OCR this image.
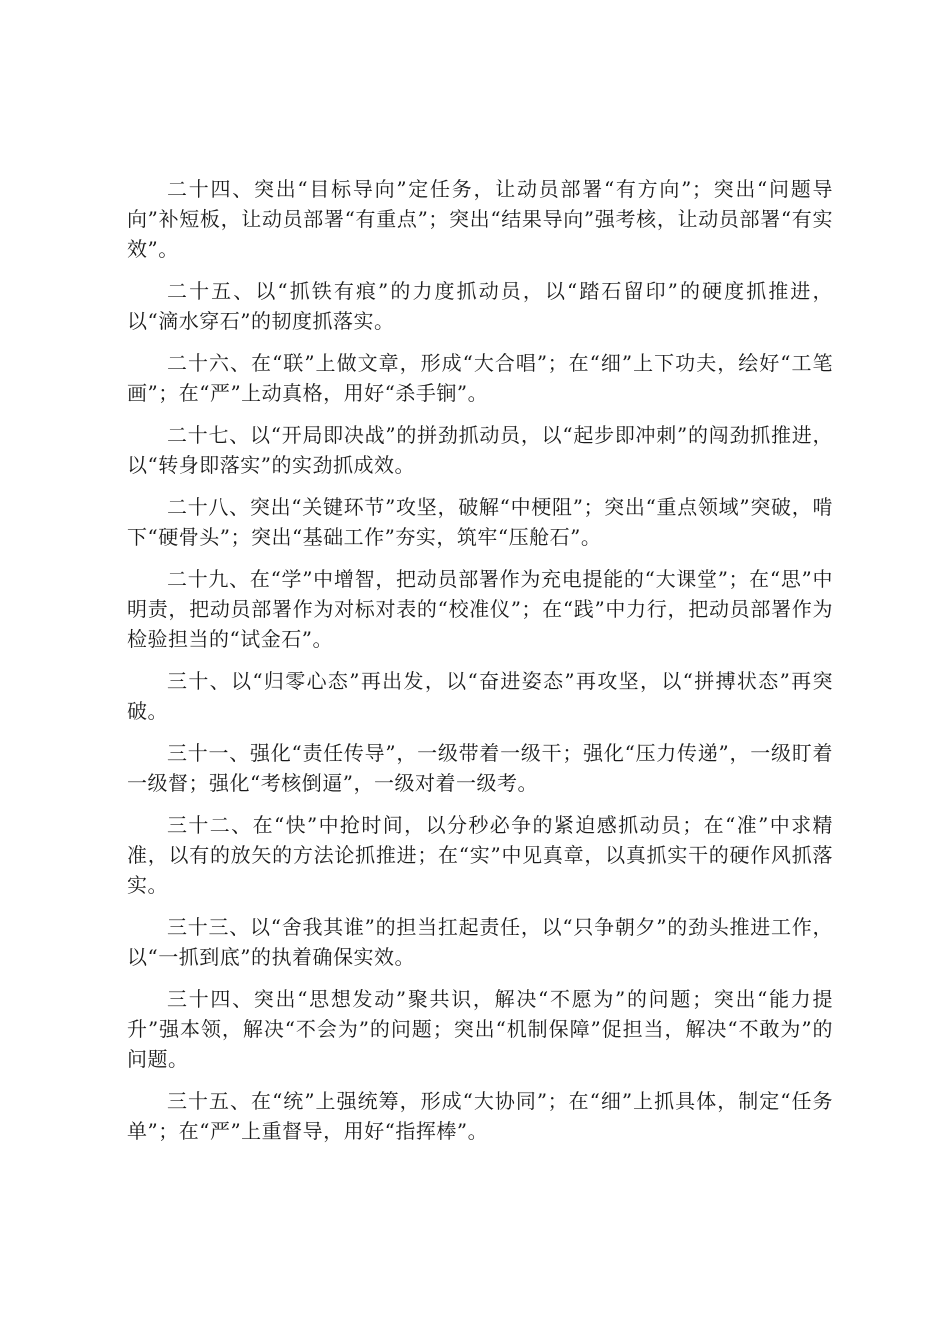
二十四、突出“目标导向”定任务，让动员部署“有方向”；突出“问题导向”补短板，让动员部署“有重点”；突出“结果导向”强考核，让动员部署“有实效”。

二十五、以“抓铁有痕”的力度抓动员，以“踏石留印”的硬度抓推进，以“滴水穿石”的韧度抓落实。

二十六、在“联”上做文章，形成“大合唱”；在“细”上下功夫，绘好“工笔画”；在“严”上动真格，用好“杀手锏”。

二十七、以“开局即决战”的拼劲抓动员，以“起步即冲刺”的闯劲抓推进，以“转身即落实”的实劲抓成效。

二十八、突出“关键环节”攻坚，破解“中梗阻”；突出“重点领域”突破，啃下“硬骨头”；突出“基础工作”夯实，筑牢“压舱石”。

二十九、在“学”中增智，把动员部署作为充电提能的“大课堂”；在“思”中明责，把动员部署作为对标对表的“校准仪”；在“践”中力行，把动员部署作为检验担当的“试金石”。

三十、以“归零心态”再出发，以“奋进姿态”再攻坚，以“拼搏状态”再突破。

三十一、强化“责任传导”，一级带着一级干；强化“压力传递”，一级盯着一级督；强化“考核倒逼”，一级对着一级考。

三十二、在“快”中抢时间，以分秒必争的紧迫感抓动员；在“准”中求精准，以有的放矢的方法论抓推进；在“实”中见真章，以真抓实干的硬作风抓落实。

三十三、以“舍我其谁”的担当扛起责任，以“只争朝夕”的劲头推进工作，以“一抓到底”的执着确保实效。

三十四、突出“思想发动”聚共识，解决“不愿为”的问题；突出“能力提升”强本领，解决“不会为”的问题；突出“机制保障”促担当，解决“不敢为”的问题。

三十五、在“统”上强统筹，形成“大协同”；在“细”上抓具体，制定“任务单”；在“严”上重督导，用好“指挥棒”。
